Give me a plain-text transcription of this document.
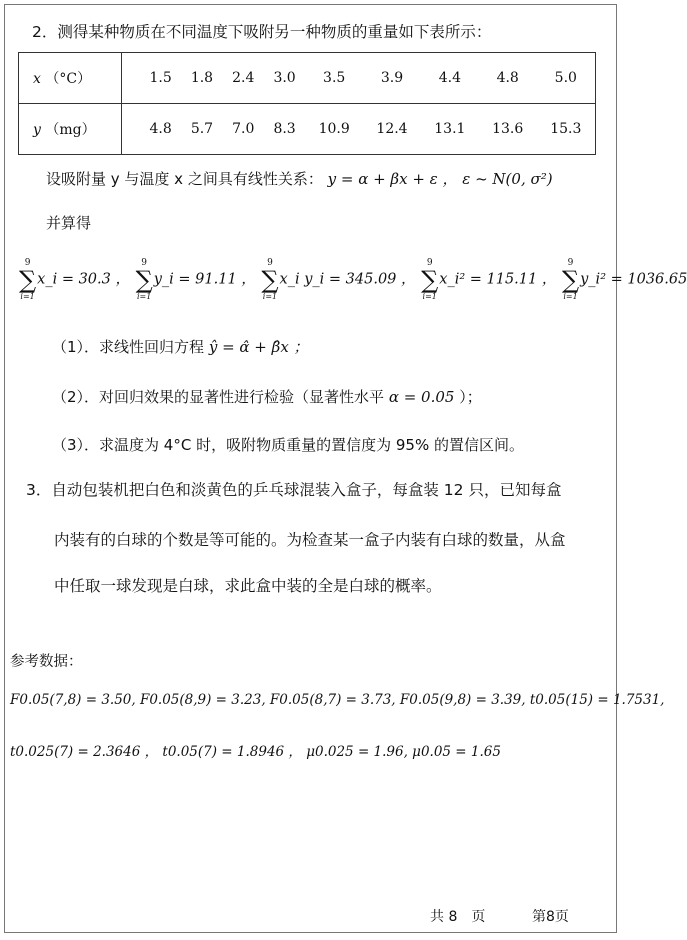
2．测得某种物质在不同温度下吸附另一种物质的重量如下表所示：
x （°C）		1.5	1.8	2.4	3.0	3.5	3.9	4.4	4.8	5.0
y （mg）		4.8	5.7	7.0	8.3	10.9	12.4	13.1	13.6	15.3
设吸附量 y 与温度 x 之间具有线性关系： y = α + βx + ε ， ε ~ N(0, σ²)
并算得
9
∑
i=1
x_i = 30.3 ，
9
∑
i=1
y_i = 91.11 ，
9
∑
i=1
x_i y_i = 345.09 ，
9
∑
i=1
x_i² = 115.11 ，
9
∑
i=1
y_i² = 1036.65
（1）．求线性回归方程 ŷ = α̂ + β̂x ；
（2）．对回归效果的显著性进行检验（显著性水平 α = 0.05 ）；
（3）．求温度为 4°C 时，吸附物质重量的置信度为 95% 的置信区间。
3．自动包装机把白色和淡黄色的乒乓球混装入盒子，每盒装 12 只，已知每盒
内装有的白球的个数是等可能的。为检查某一盒子内装有白球的数量，从盒
中任取一球发现是白球，求此盒中装的全是白球的概率。
参考数据：
F0.05(7,8) = 3.50, F0.05(8,9) = 3.23, F0.05(8,7) = 3.73, F0.05(9,8) = 3.39, t0.05(15) = 1.7531,
t0.025(7) = 2.3646 ， t0.05(7) = 1.8946 ， μ0.025 = 1.96, μ0.05 = 1.65
共 8　页	第8页
